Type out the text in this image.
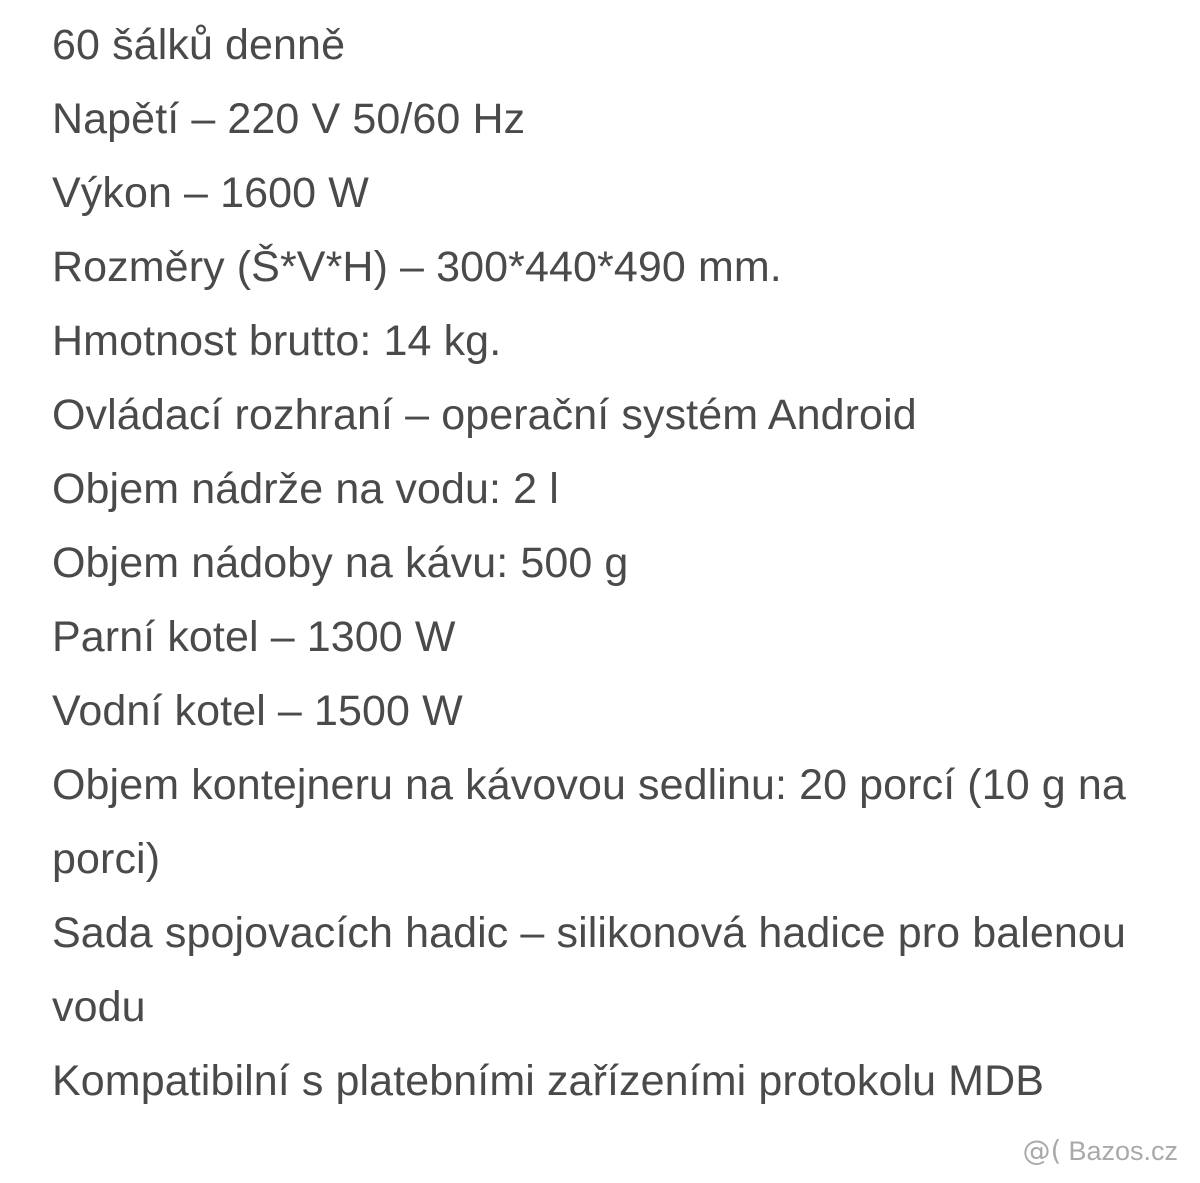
60 šálků denně
Napětí – 220 V 50/60 Hz
Výkon – 1600 W
Rozměry (Š*V*H) – 300*440*490 mm.
Hmotnost brutto: 14 kg.
Ovládací rozhraní – operační systém Android
Objem nádrže na vodu: 2 l
Objem nádoby na kávu: 500 g
Parní kotel – 1300 W
Vodní kotel – 1500 W
Objem kontejneru na kávovou sedlinu: 20 porcí (10 g na porci)
Sada spojovacích hadic – silikonová hadice pro balenou vodu
Kompatibilní s platebními zařízeními protokolu MDB
@( Bazos.cz
